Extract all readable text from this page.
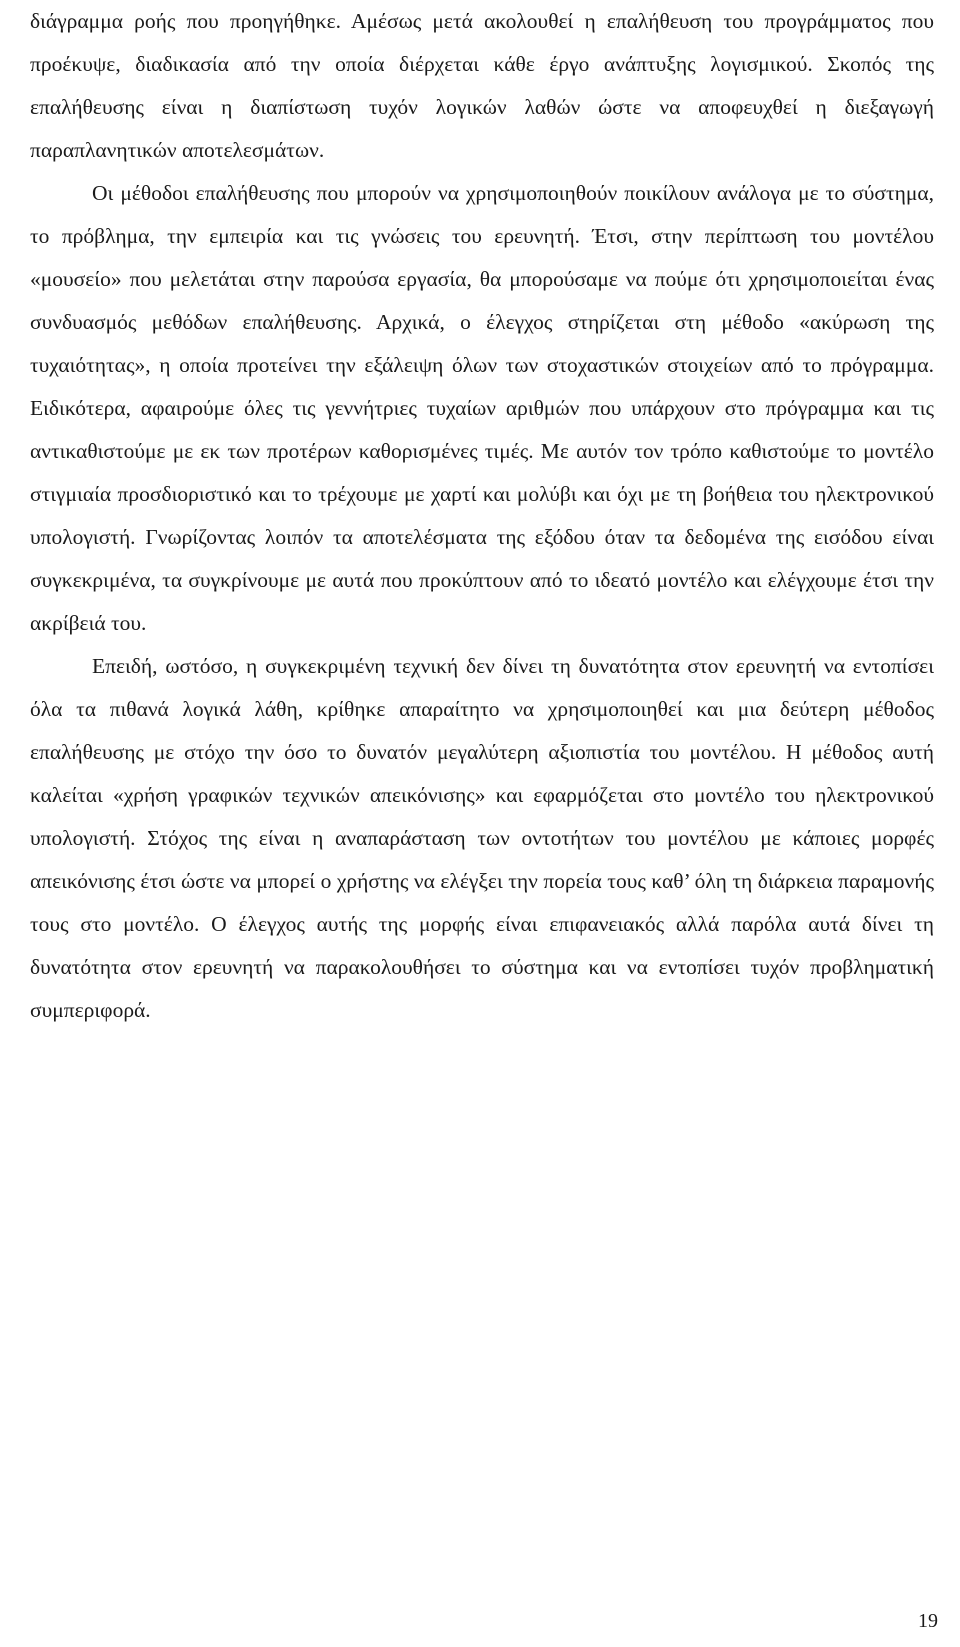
διάγραμμα ροής που προηγήθηκε. Αμέσως μετά ακολουθεί η επαλήθευση του προγράμματος που προέκυψε, διαδικασία από την οποία διέρχεται κάθε έργο ανάπτυξης λογισμικού. Σκοπός της επαλήθευσης είναι η διαπίστωση τυχόν λογικών λαθών ώστε να αποφευχθεί η διεξαγωγή παραπλανητικών αποτελεσμάτων.

Οι μέθοδοι επαλήθευσης που μπορούν να χρησιμοποιηθούν ποικίλουν ανάλογα με το σύστημα, το πρόβλημα, την εμπειρία και τις γνώσεις του ερευνητή. Έτσι, στην περίπτωση του μοντέλου «μουσείο» που μελετάται στην παρούσα εργασία, θα μπορούσαμε να πούμε ότι χρησιμοποιείται ένας συνδυασμός μεθόδων επαλήθευσης. Αρχικά, ο έλεγχος στηρίζεται στη μέθοδο «ακύρωση της τυχαιότητας», η οποία προτείνει την εξάλειψη όλων των στοχαστικών στοιχείων από το πρόγραμμα. Ειδικότερα, αφαιρούμε όλες τις γεννήτριες τυχαίων αριθμών που υπάρχουν στο πρόγραμμα και τις αντικαθιστούμε με εκ των προτέρων καθορισμένες τιμές. Με αυτόν τον τρόπο καθιστούμε το μοντέλο στιγμιαία προσδιοριστικό και το τρέχουμε με χαρτί και μολύβι και όχι με τη βοήθεια του ηλεκτρονικού υπολογιστή. Γνωρίζοντας λοιπόν τα αποτελέσματα της εξόδου όταν τα δεδομένα της εισόδου είναι συγκεκριμένα, τα συγκρίνουμε με αυτά που προκύπτουν από το ιδεατό μοντέλο και ελέγχουμε έτσι την ακρίβειά του.

Επειδή, ωστόσο, η συγκεκριμένη τεχνική δεν δίνει τη δυνατότητα στον ερευνητή να εντοπίσει όλα τα πιθανά λογικά λάθη, κρίθηκε απαραίτητο να χρησιμοποιηθεί και μια δεύτερη μέθοδος επαλήθευσης με στόχο την όσο το δυνατόν μεγαλύτερη αξιοπιστία του μοντέλου. Η μέθοδος αυτή καλείται «χρήση γραφικών τεχνικών απεικόνισης» και εφαρμόζεται στο μοντέλο του ηλεκτρονικού υπολογιστή. Στόχος της είναι η αναπαράσταση των οντοτήτων του μοντέλου με κάποιες μορφές απεικόνισης έτσι ώστε να μπορεί ο χρήστης να ελέγξει την πορεία τους καθ’ όλη τη διάρκεια παραμονής τους στο μοντέλο. Ο έλεγχος αυτής της μορφής είναι επιφανειακός αλλά παρόλα αυτά δίνει τη δυνατότητα στον ερευνητή να παρακολουθήσει το σύστημα και να εντοπίσει τυχόν προβληματική συμπεριφορά.

19
